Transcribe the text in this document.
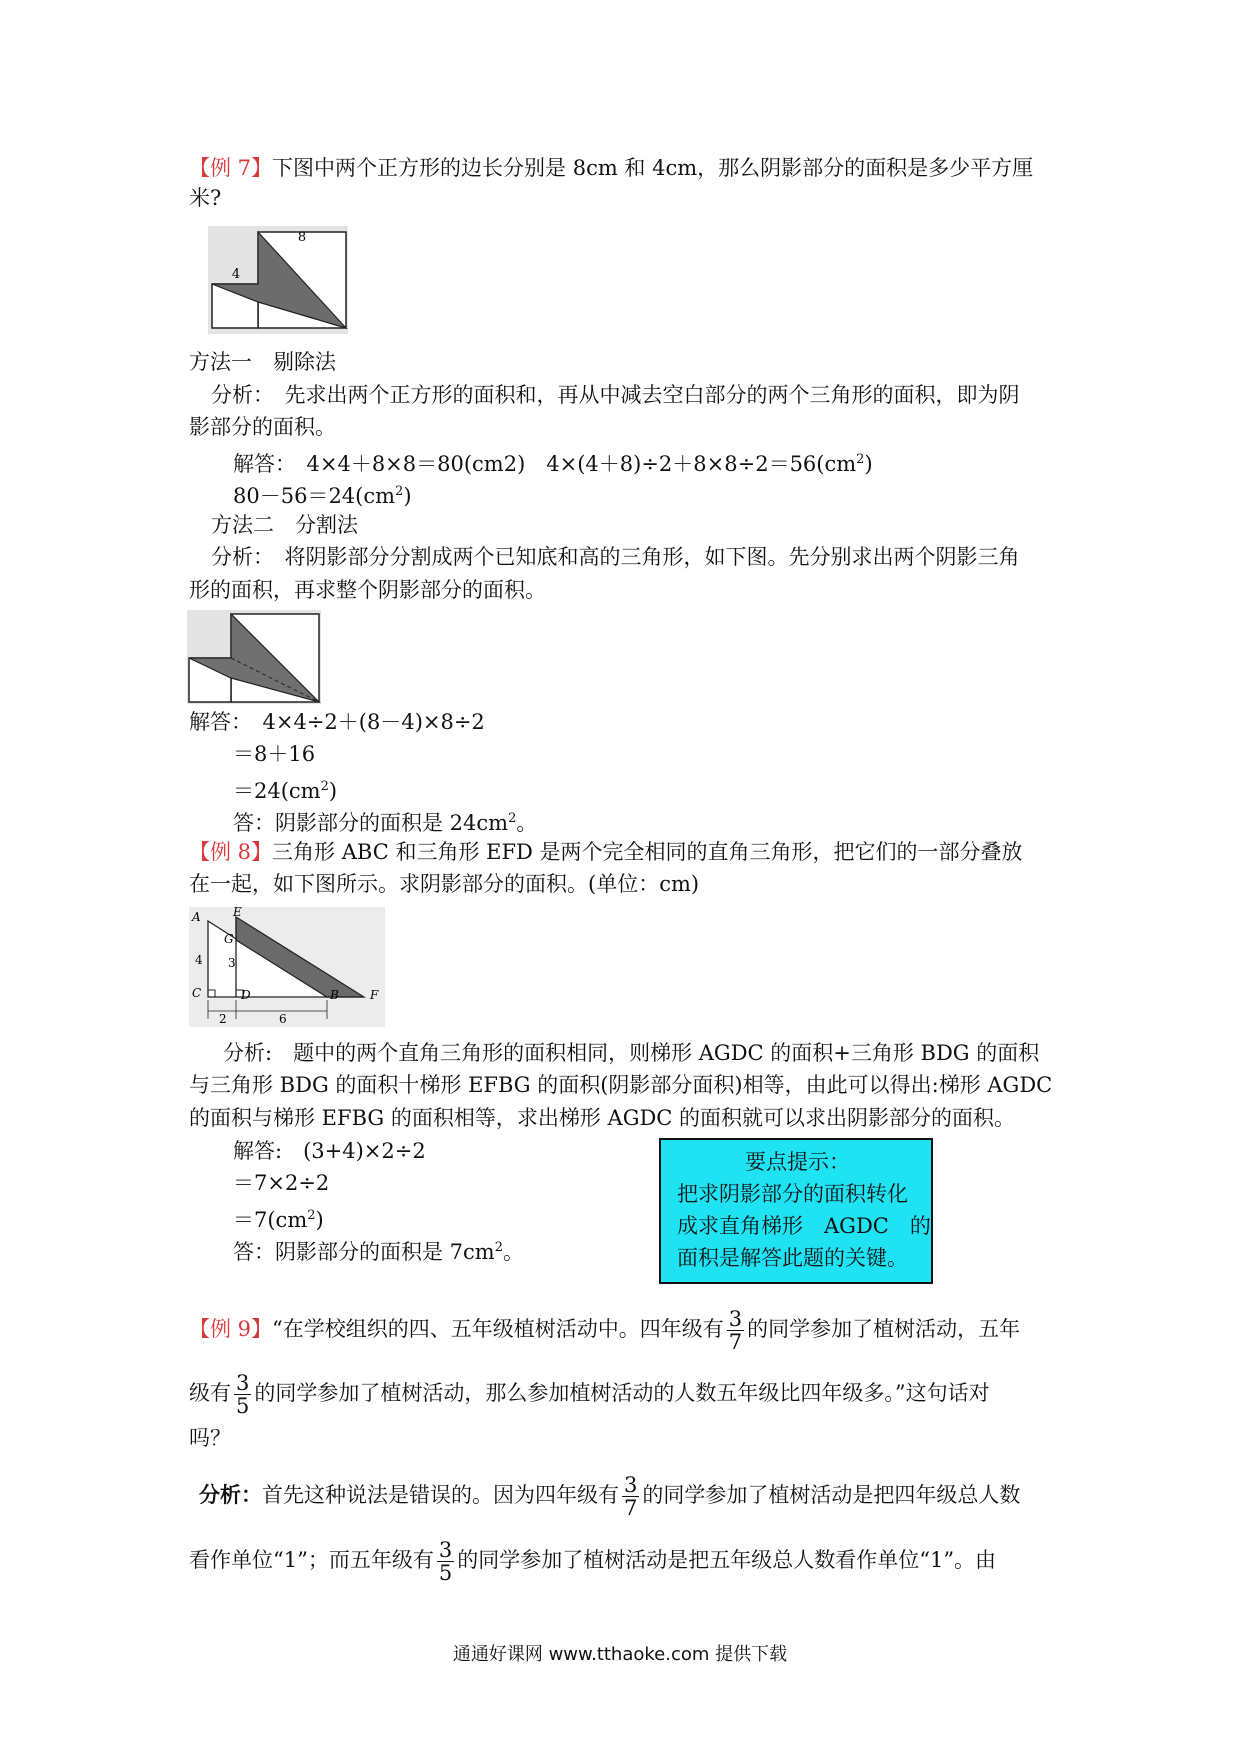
【例 7】下图中两个正方形的边长分别是 8cm 和 4cm，那么阴影部分的面积是多少平方厘
米?
8
4
方法一　剔除法
分析：　先求出两个正方形的面积和，再从中减去空白部分的两个三角形的面积，即为阴
影部分的面积。
解答：　4×4＋8×8＝80(cm2)　$4\times(4+8)\div 2+8\times 8\div 2=56(cm^2)$
$80-56=24(cm^2)$
方法二　分割法
分析：　将阴影部分分割成两个已知底和高的三角形，如下图。先分别求出两个阴影三角
形的面积，再求整个阴影部分的面积。
解答：　4×4÷2＋(8－4)×8÷2
＝8＋16
$=24(cm^2)$
答：阴影部分的面积是 $24cm^2$。
【例 8】三角形 ABC 和三角形 EFD 是两个完全相同的直角三角形，把它们的一部分叠放
在一起，如下图所示。求阴影部分的面积。(单位：cm)
A	E
G
C	D	B	F
4 3
2	6
分析:　题中的两个直角三角形的面积相同，则梯形 AGDC 的面积+三角形 BDG 的面积
与三角形 BDG 的面积十梯形 EFBG 的面积(阴影部分面积)相等，由此可以得出:梯形 AGDC
的面积与梯形 EFBG 的面积相等，求出梯形 AGDC 的面积就可以求出阴影部分的面积。
解答:　(3+4)×2÷2
＝7×2÷2
$=7(cm^2)$
答：阴影部分的面积是 $7cm^2$。
要点提示：
把求阴影部分的面积转化
成求直角梯形　AGDC　的
面积是解答此题的关键。
【例 9】“在学校组织的四、五年级植树活动中。四年级有 $\frac{3}{7}$ 的同学参加了植树活动，五年
级有 $\frac{3}{5}$ 的同学参加了植树活动，那么参加植树活动的人数五年级比四年级多。”这句话对
吗？
分析：首先这种说法是错误的。因为四年级有 $\frac{3}{7}$ 的同学参加了植树活动是把四年级总人数
看作单位“1”；而五年级有 $\frac{3}{5}$ 的同学参加了植树活动是把五年级总人数看作单位“1”。由
通通好课网 www.tthaoke.com 提供下载
